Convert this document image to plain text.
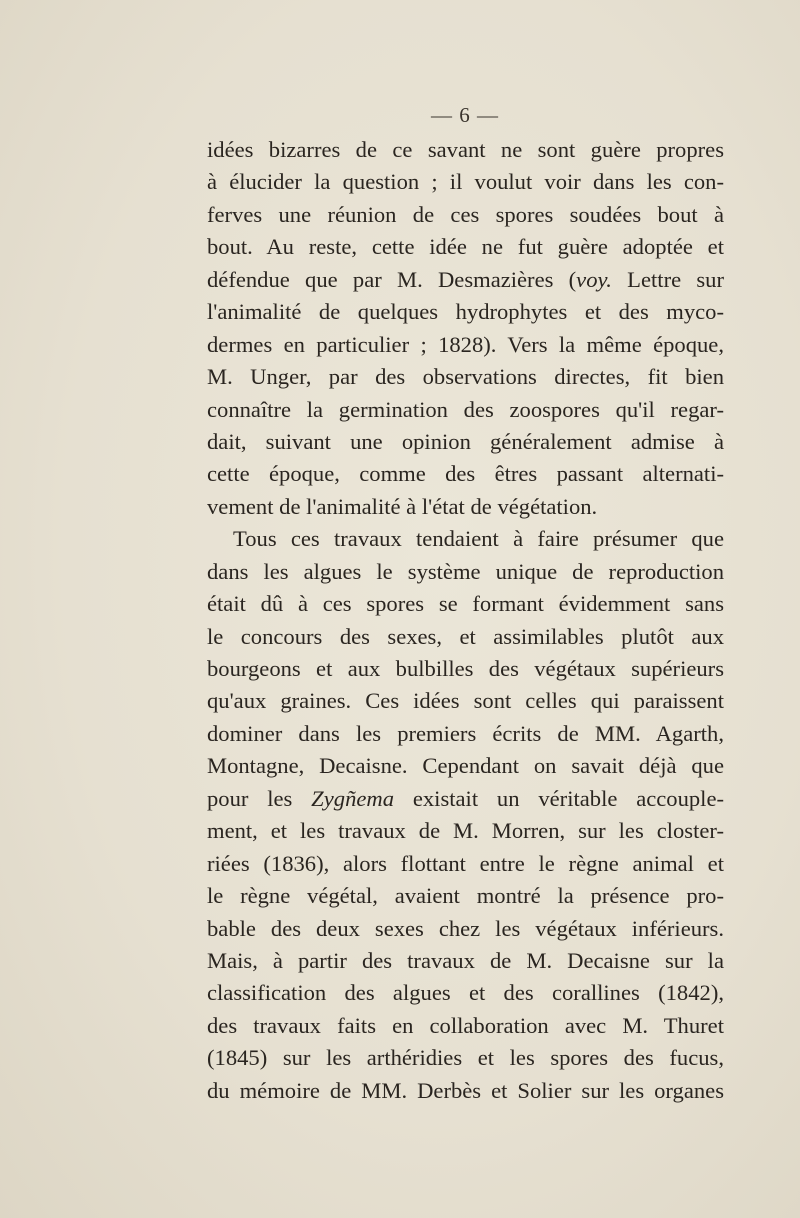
— 6 —
idées bizarres de ce savant ne sont guère propres
à élucider la question ; il voulut voir dans les con-
ferves une réunion de ces spores soudées bout à
bout. Au reste, cette idée ne fut guère adoptée et
défendue que par M. Desmazières (voy. Lettre sur
l'animalité de quelques hydrophytes et des myco-
dermes en particulier ; 1828). Vers la même époque,
M. Unger, par des observations directes, fit bien
connaître la germination des zoospores qu'il regar-
dait, suivant une opinion généralement admise à
cette époque, comme des êtres passant alternati-
vement de l'animalité à l'état de végétation.
Tous ces travaux tendaient à faire présumer que
dans les algues le système unique de reproduction
était dû à ces spores se formant évidemment sans
le concours des sexes, et assimilables plutôt aux
bourgeons et aux bulbilles des végétaux supérieurs
qu'aux graines. Ces idées sont celles qui paraissent
dominer dans les premiers écrits de MM. Agarth,
Montagne, Decaisne. Cependant on savait déjà que
pour les Zygñema existait un véritable accouple-
ment, et les travaux de M. Morren, sur les closter-
riées (1836), alors flottant entre le règne animal et
le règne végétal, avaient montré la présence pro-
bable des deux sexes chez les végétaux inférieurs.
Mais, à partir des travaux de M. Decaisne sur la
classification des algues et des corallines (1842),
des travaux faits en collaboration avec M. Thuret
(1845) sur les arthéridies et les spores des fucus,
du mémoire de MM. Derbès et Solier sur les organes
